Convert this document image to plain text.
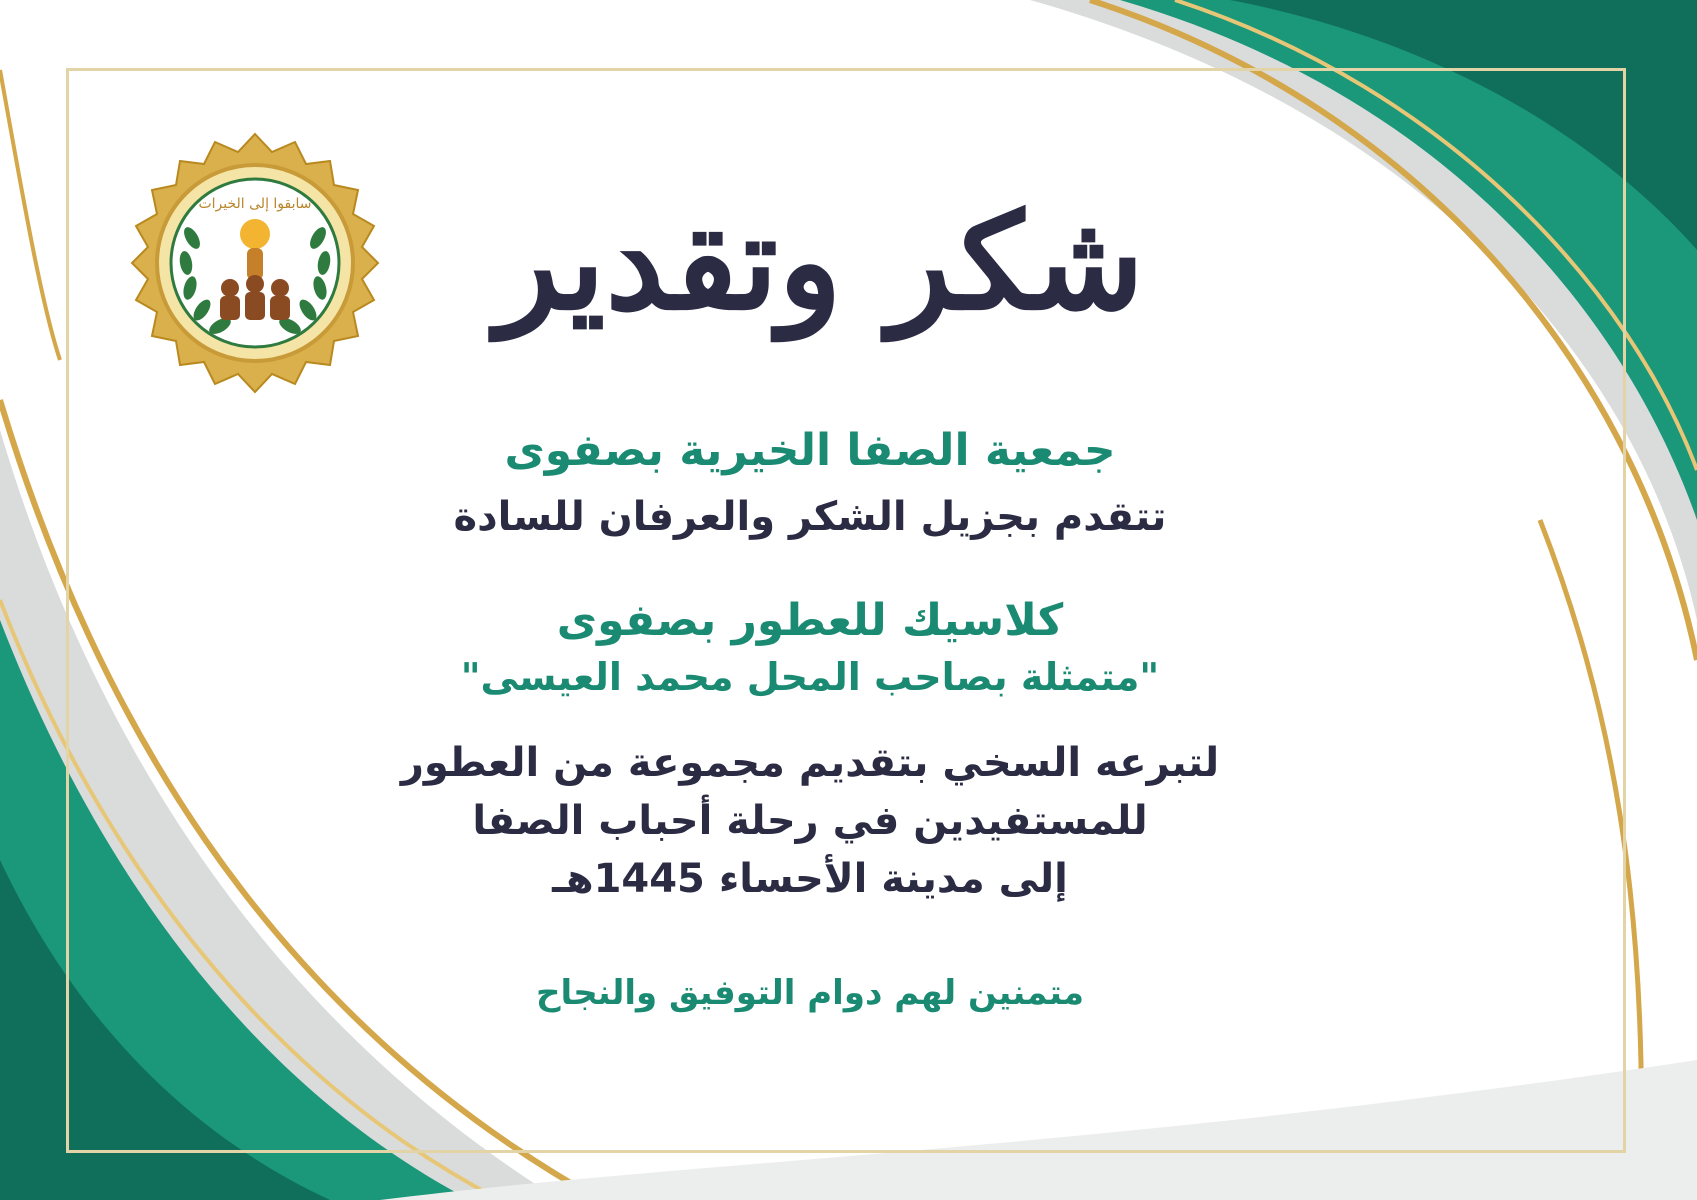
سابقوا إلى الخيرات شكر وتقدير
جمعية الصفا الخيرية بصفوى
تتقدم بجزيل الشكر والعرفان للسادة
كلاسيك للعطور بصفوى
"متمثلة بصاحب المحل محمد العيسى"
لتبرعه السخي بتقديم مجموعة من العطور
للمستفيدين في رحلة أحباب الصفا
إلى مدينة الأحساء 1445هـ
متمنين لهم دوام التوفيق والنجاح
